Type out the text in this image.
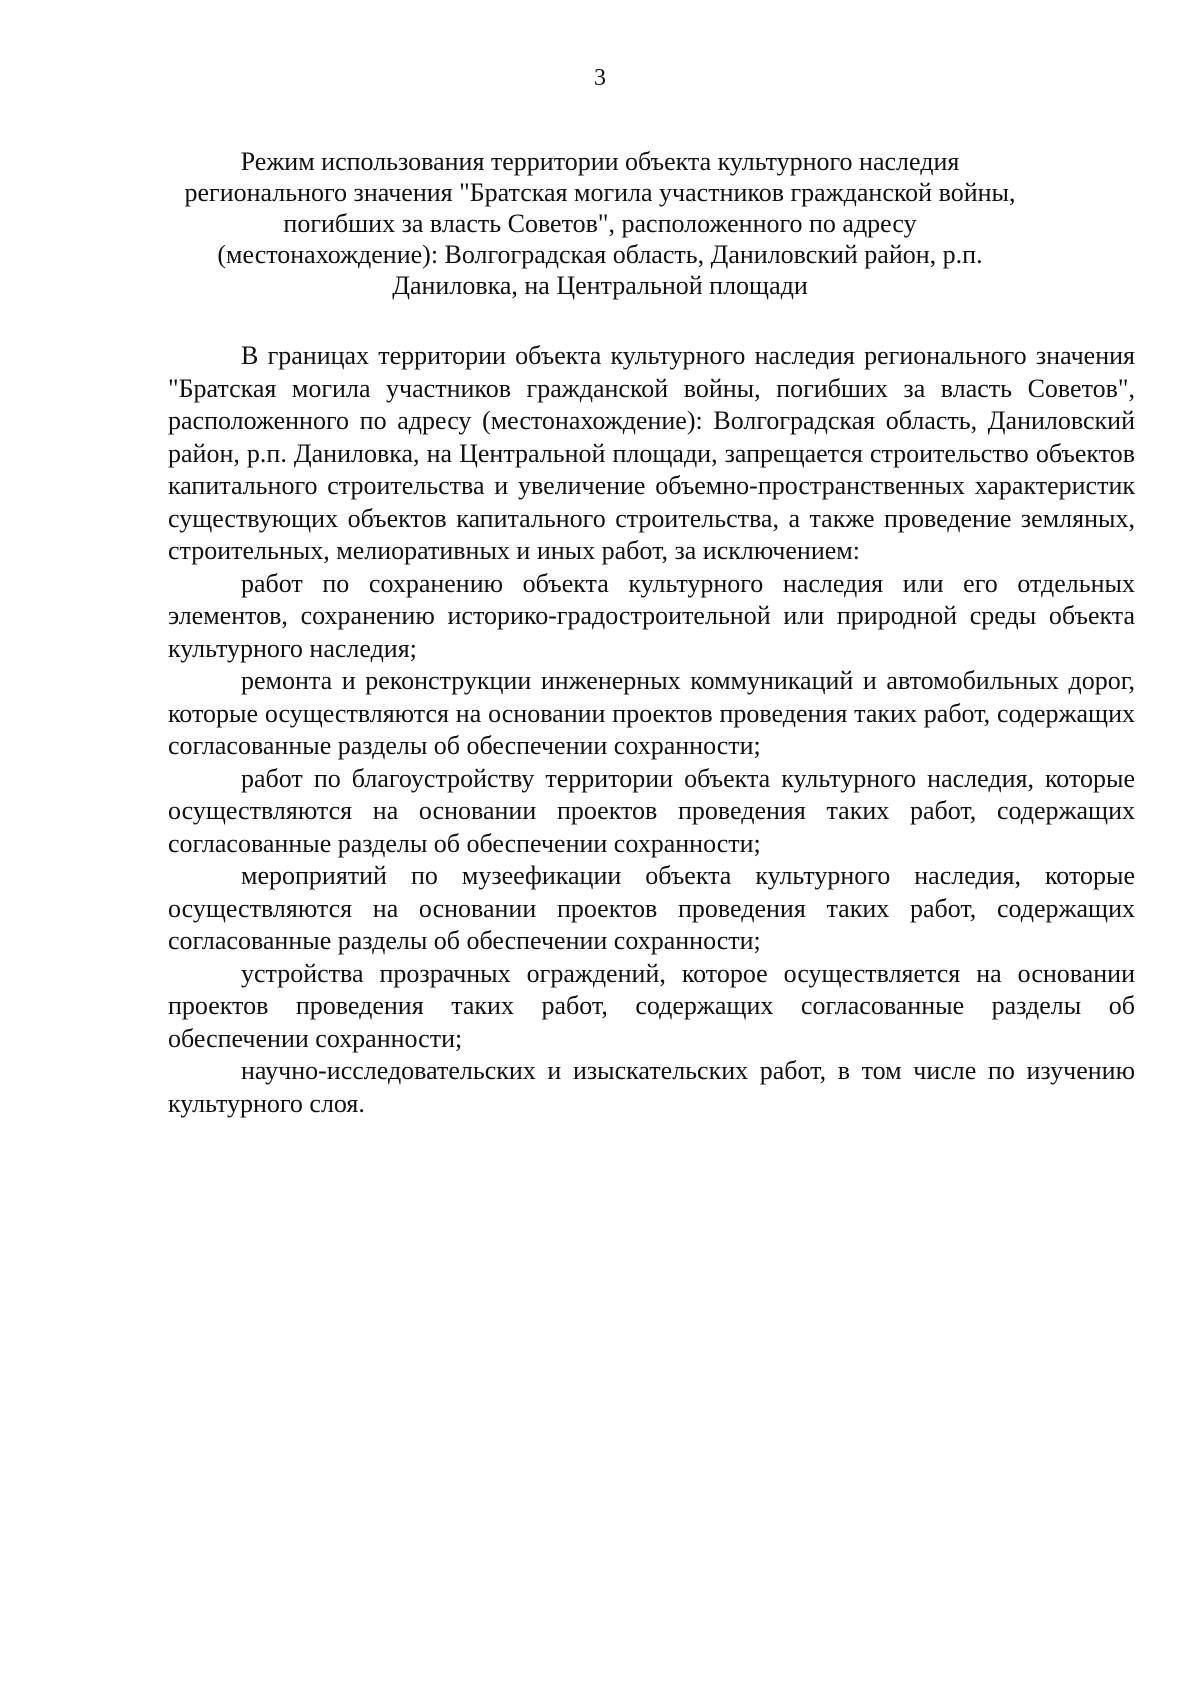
3
Режим использования территории объекта культурного наследия регионального значения "Братская могила участников гражданской войны, погибших за власть Советов", расположенного по адресу (местонахождение): Волгоградская область, Даниловский район, р.п. Даниловка, на Центральной площади

В границах территории объекта культурного наследия регионального значения "Братская могила участников гражданской войны, погибших за власть Советов", расположенного по адресу (местонахождение): Волгоградская область, Даниловский район, р.п. Даниловка, на Центральной площади, запрещается строительство объектов капитального строительства и увеличение объемно-пространственных характеристик существующих объектов капитального строительства, а также проведение земляных, строительных, мелиоративных и иных работ, за исключением:

работ по сохранению объекта культурного наследия или его отдельных элементов, сохранению историко-градостроительной или природной среды объекта культурного наследия;

ремонта и реконструкции инженерных коммуникаций и автомобильных дорог, которые осуществляются на основании проектов проведения таких работ, содержащих согласованные разделы об обеспечении сохранности;

работ по благоустройству территории объекта культурного наследия, которые осуществляются на основании проектов проведения таких работ, содержащих согласованные разделы об обеспечении сохранности;

мероприятий по музеефикации объекта культурного наследия, которые осуществляются на основании проектов проведения таких работ, содержащих согласованные разделы об обеспечении сохранности;

устройства прозрачных ограждений, которое осуществляется на основании проектов проведения таких работ, содержащих согласованные разделы об обеспечении сохранности;

научно-исследовательских и изыскательских работ, в том числе по изучению культурного слоя.
